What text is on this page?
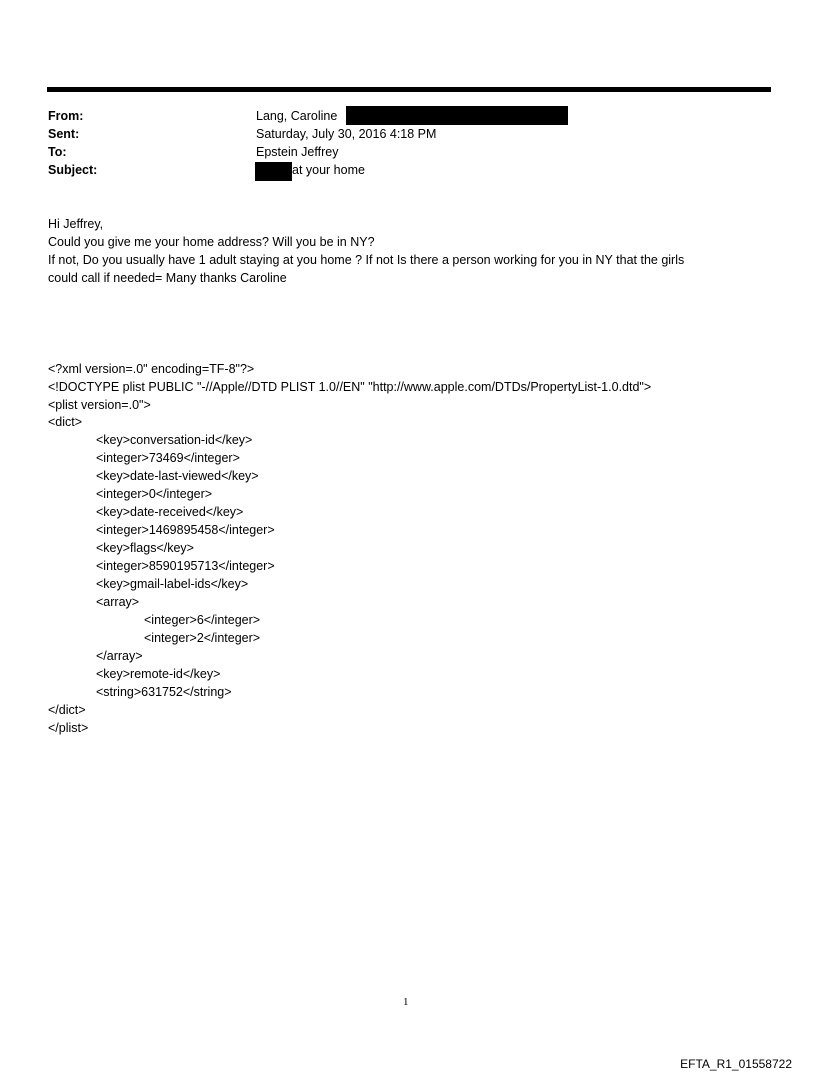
From:	Lang, Caroline
Sent:	Saturday, July 30, 2016 4:18 PM
To:	Epstein Jeffrey
Subject:	at your home
Hi Jeffrey,
Could you give me your home address? Will you be in NY?
If not, Do you usually have 1 adult staying at you home ? If not Is there a person working for you in NY that the girls
could call if needed= Many thanks Caroline
<?xml version=.0" encoding=TF-8"?>
<!DOCTYPE plist PUBLIC "-//Apple//DTD PLIST 1.0//EN" "http://www.apple.com/DTDs/PropertyList-1.0.dtd">
<plist version=.0">
<dict>
<key>conversation-id</key>
<integer>73469</integer>
<key>date-last-viewed</key>
<integer>0</integer>
<key>date-received</key>
<integer>1469895458</integer>
<key>flags</key>
<integer>8590195713</integer>
<key>gmail-label-ids</key>
<array>
<integer>6</integer>
<integer>2</integer>
</array>
<key>remote-id</key>
<string>631752</string>
</dict>
</plist>
1
EFTA_R1_01558722
